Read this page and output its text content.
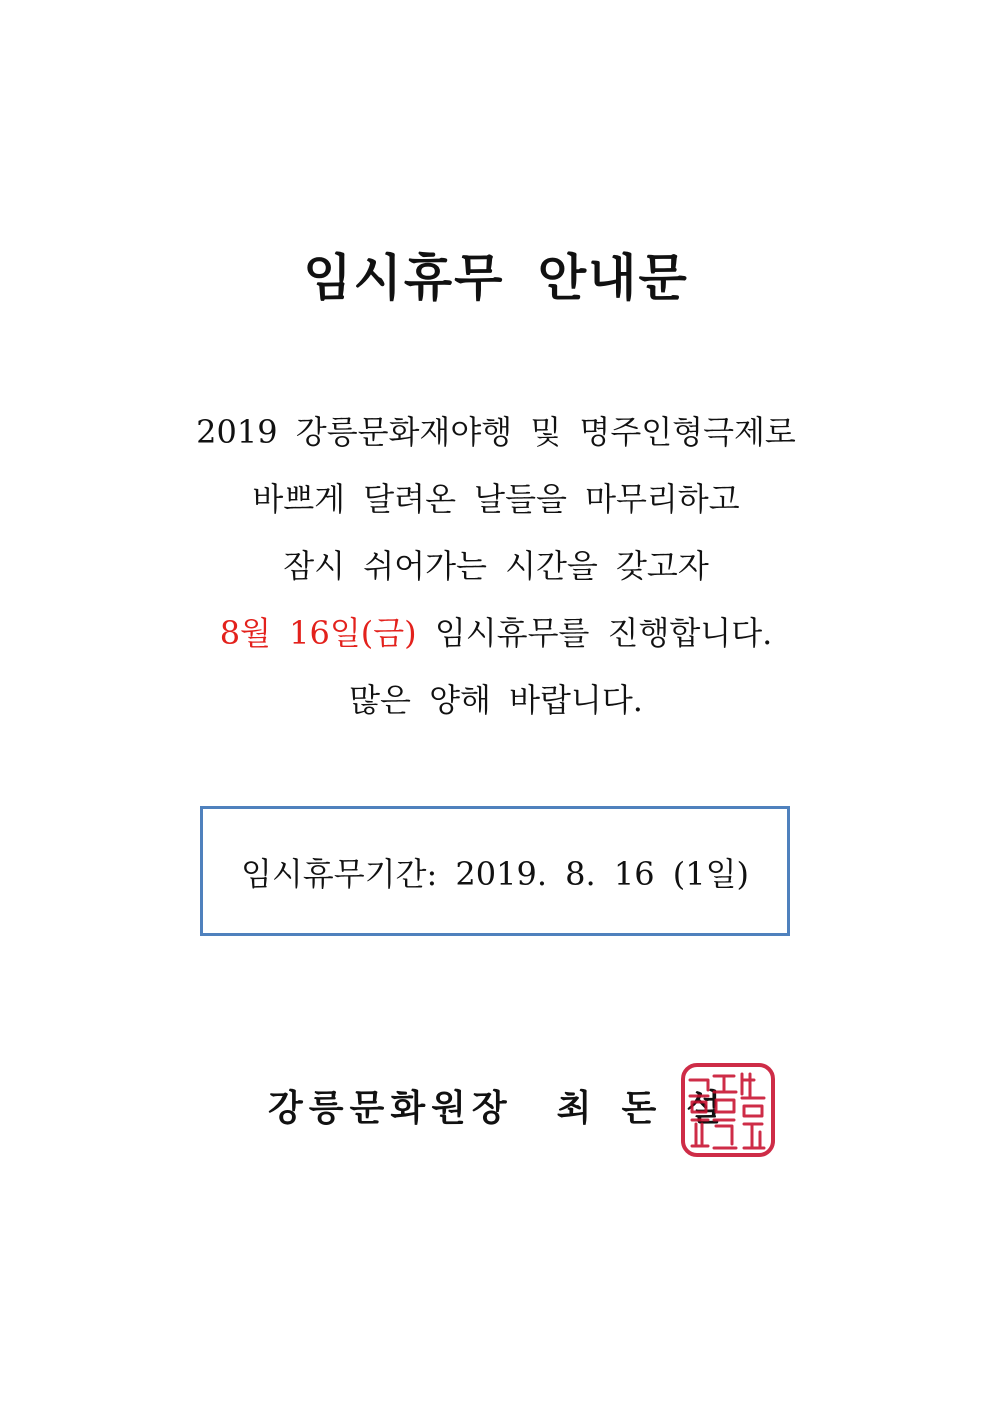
임시휴무 안내문
2019 강릉문화재야행 및 명주인형극제로
바쁘게 달려온 날들을 마무리하고
잠시 쉬어가는 시간을 갖고자
8월 16일(금) 임시휴무를 진행합니다.
많은 양해 바랍니다.
임시휴무기간: 2019. 8. 16 (1일)
강릉문화원장 최 돈 설
